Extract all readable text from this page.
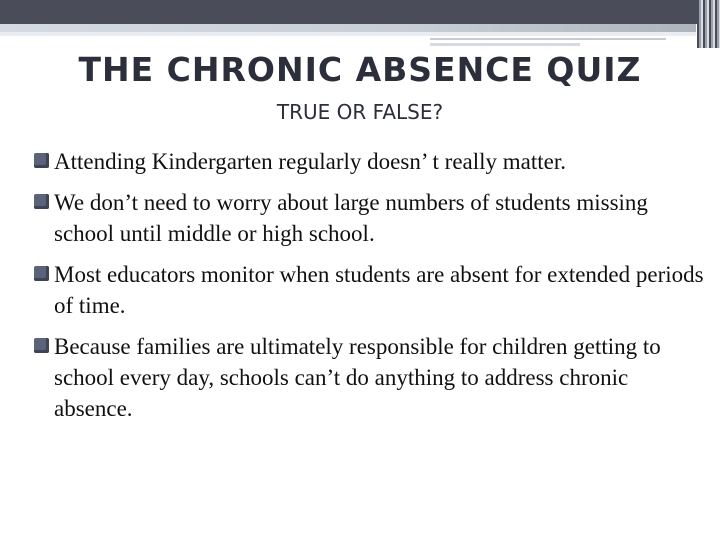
THE CHRONIC ABSENCE QUIZ

TRUE OR FALSE?

Attending Kindergarten regularly doesn’ t really matter.
We don’t need to worry about large numbers of students missing school until middle or high school.
Most educators monitor when students are absent for extended periods of time.
Because families are ultimately responsible for children getting to school every day, schools can’t do anything to address chronic absence.
